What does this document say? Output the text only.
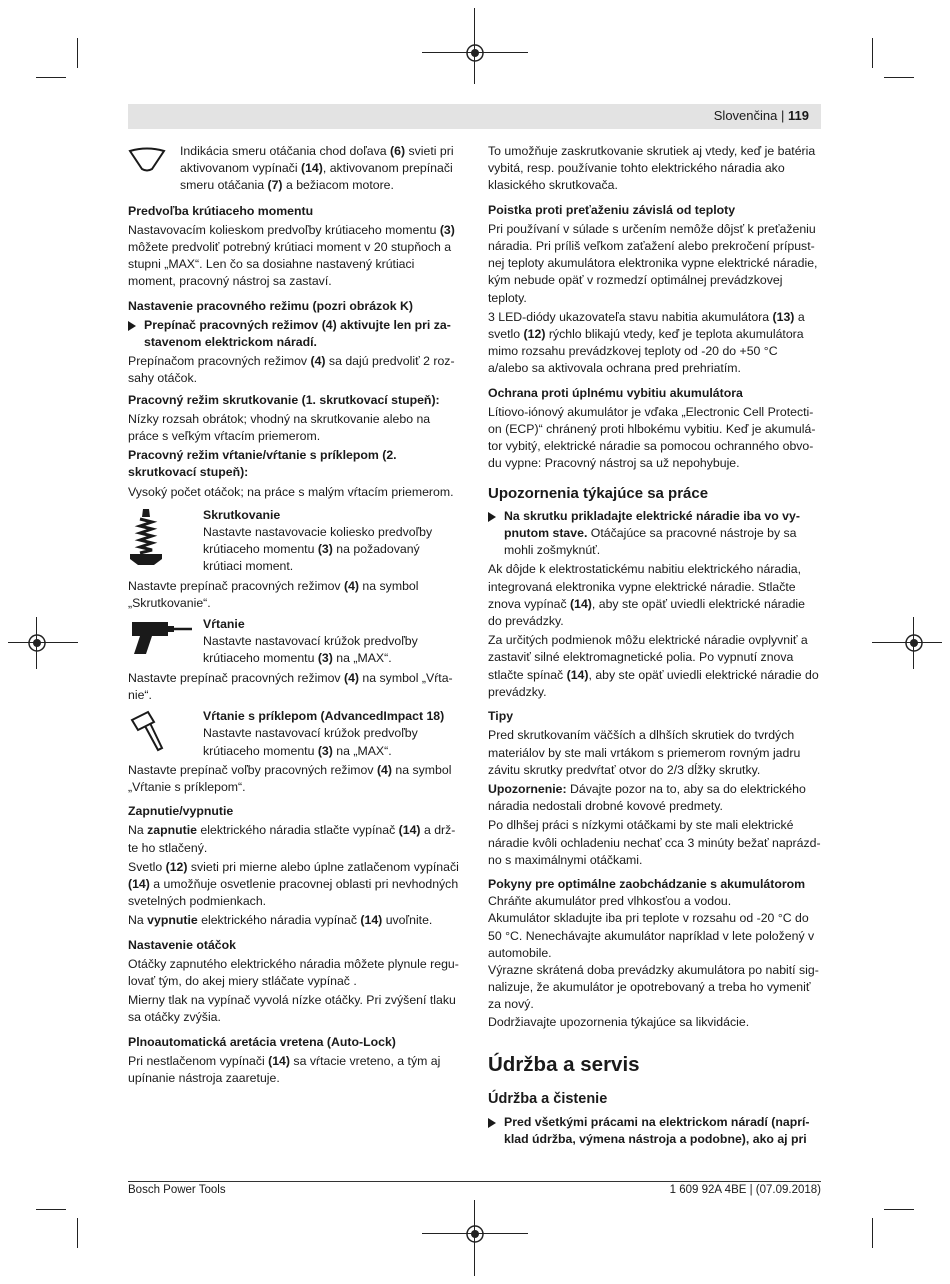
Slovenčina | 119

Indikácia smeru otáčania chod doľava (6) svieti pri aktivovanom vypínači (14), aktivovanom prepínači smeru otáčania (7) a bežiacom motore.

Predvoľba krútiaceho momentu

Nastavovacím kolieskom predvoľby krútiaceho momentu (3) môžete predvoliť potrebný krútiaci moment v 20 stupňoch a stupni „MAX“. Len čo sa dosiahne nastavený krútiaci moment, pracovný nástroj sa zastaví.

Nastavenie pracovného režimu (pozri obrázok K)
Prepínač pracovných režimov (4) aktivujte len pri zastavenom elektrickom náradí.

Prepínačom pracovných režimov (4) sa dajú predvoliť 2 rozsahy otáčok.

Pracovný režim skrutkovanie (1. skrutkovací stupeň):

Nízky rozsah obrátok; vhodný na skrutkovanie alebo na práce s veľkým vŕtacím priemerom.

Pracovný režim vŕtanie/vŕtanie s príklepom (2. skrutkovací stupeň):

Vysoký počet otáčok; na práce s malým vŕtacím priemerom.

Skrutkovanie

Nastavte nastavovacie koliesko predvoľby krútiaceho momentu (3) na požadovaný krútiaci moment.

Nastavte prepínač pracovných režimov (4) na symbol „Skrutkovanie“.

Vŕtanie

Nastavte nastavovací krúžok predvoľby krútiaceho momentu (3) na „MAX“.

Nastavte prepínač pracovných režimov (4) na symbol „Vŕtanie“.

Vŕtanie s príklepom (AdvancedImpact 18)

Nastavte nastavovací krúžok predvoľby krútiaceho momentu (3) na „MAX“.

Nastavte prepínač voľby pracovných režimov (4) na symbol „Vŕtanie s príklepom“.

Zapnutie/vypnutie

Na zapnutie elektrického náradia stlačte vypínač (14) a držte ho stlačený.

Svetlo (12) svieti pri mierne alebo úplne zatlačenom vypínači (14) a umožňuje osvetlenie pracovnej oblasti pri nevhodných svetelných podmienkach.

Na vypnutie elektrického náradia vypínač (14) uvoľnite.

Nastavenie otáčok

Otáčky zapnutého elektrického náradia môžete plynule regulovať tým, do akej miery stláčate vypínač .

Mierny tlak na vypínač vyvolá nízke otáčky. Pri zvýšení tlaku sa otáčky zvýšia.

Plnoautomatická aretácia vretena (Auto-Lock)

Pri nestlačenom vypínači (14) sa vŕtacie vreteno, a tým aj upínanie nástroja zaaretuje.

To umožňuje zaskrutkovanie skrutiek aj vtedy, keď je batéria vybitá, resp. používanie tohto elektrického náradia ako klasického skrutkovača.

Poistka proti preťaženiu závislá od teploty

Pri používaní v súlade s určením nemôže dôjsť k preťaženiu náradia. Pri príliš veľkom zaťažení alebo prekročení prípustnej teploty akumulátora elektronika vypne elektrické náradie, kým nebude opäť v rozmedzí optimálnej prevádzkovej teploty.

3 LED-diódy ukazovateľa stavu nabitia akumulátora (13) a svetlo (12) rýchlo blikajú vtedy, keď je teplota akumulátora mimo rozsahu prevádzkovej teploty od -20 do +50 °C a/alebo sa aktivovala ochrana pred prehriatím.

Ochrana proti úplnému vybitiu akumulátora

Lítiovo-iónový akumulátor je vďaka „Electronic Cell Protection (ECP)“ chránený proti hlbokému vybitiu. Keď je akumulátor vybitý, elektrické náradie sa pomocou ochranného obvodu vypne: Pracovný nástroj sa už nepohybuje.

Upozornenia týkajúce sa práce
Na skrutku prikladajte elektrické náradie iba vo vypnutom stave. Otáčajúce sa pracovné nástroje by sa mohli zošmyknúť.

Ak dôjde k elektrostatickému nabitiu elektrického náradia, integrovaná elektronika vypne elektrické náradie. Stlačte znova vypínač (14), aby ste opäť uviedli elektrické náradie do prevádzky.

Za určitých podmienok môžu elektrické náradie ovplyvniť a zastaviť silné elektromagnetické polia. Po vypnutí znova stlačte spínač (14), aby ste opäť uviedli elektrické náradie do prevádzky.

Tipy

Pred skrutkovaním väčších a dlhších skrutiek do tvrdých materiálov by ste mali vrtákom s priemerom rovným jadru závitu skrutky predvŕtať otvor do 2/3 dĺžky skrutky.

Upozornenie: Dávajte pozor na to, aby sa do elektrického náradia nedostali drobné kovové predmety.

Po dlhšej práci s nízkymi otáčkami by ste mali elektrické náradie kvôli ochladeniu nechať cca 3 minúty bežať naprázdno s maximálnymi otáčkami.

Pokyny pre optimálne zaobchádzanie s akumulátorom

Chráňte akumulátor pred vlhkosťou a vodou.

Akumulátor skladujte iba pri teplote v rozsahu od -20 °C do 50 °C. Nenechávajte akumulátor napríklad v lete položený v automobile.

Výrazne skrátená doba prevádzky akumulátora po nabití signalizuje, že akumulátor je opotrebovaný a treba ho vymeniť za nový.

Dodržiavajte upozornenia týkajúce sa likvidácie.

Údržba a servis
Údržba a čistenie
Pred všetkými prácami na elektrickom náradí (napríklad údržba, výmena nástroja a podobne), ako aj pri
Bosch Power Tools	1 609 92A 4BE | (07.09.2018)
